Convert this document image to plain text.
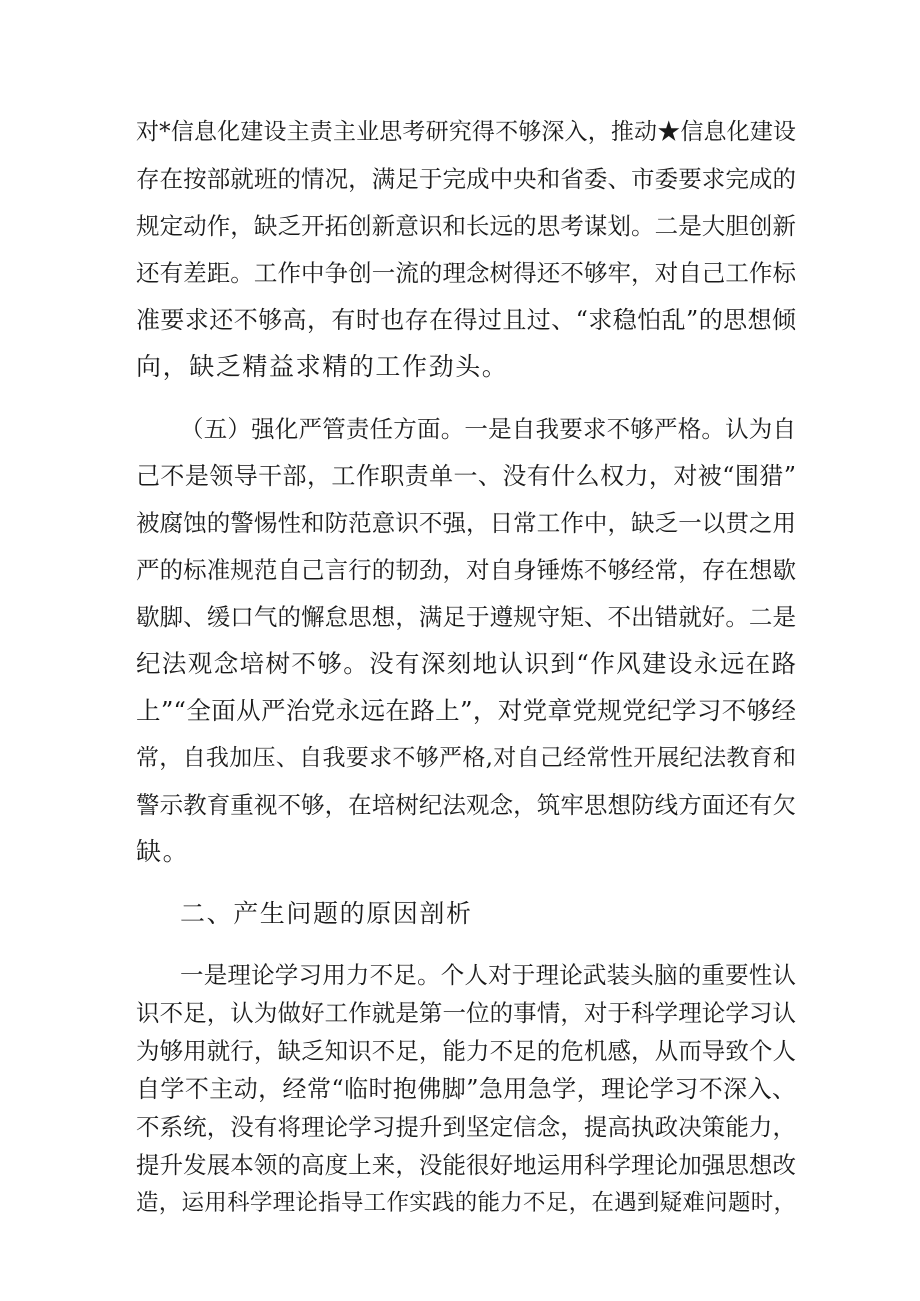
对*信息化建设主责主业思考研究得不够深入，推动★信息化建设
存在按部就班的情况，满足于完成中央和省委、市委要求完成的
规定动作，缺乏开拓创新意识和长远的思考谋划。二是大胆创新
还有差距。工作中争创一流的理念树得还不够牢，对自己工作标
准要求还不够高，有时也存在得过且过、“求稳怕乱”的思想倾
向，缺乏精益求精的工作劲头。
（五）强化严管责任方面。一是自我要求不够严格。认为自
己不是领导干部，工作职责单一、没有什么权力，对被“围猎”
被腐蚀的警惕性和防范意识不强，日常工作中，缺乏一以贯之用
严的标准规范自己言行的韧劲，对自身锤炼不够经常，存在想歇
歇脚、缓口气的懈怠思想，满足于遵规守矩、不出错就好。二是
纪法观念培树不够。没有深刻地认识到“作风建设永远在路
上”“全面从严治党永远在路上”，对党章党规党纪学习不够经
常，自我加压、自我要求不够严格,对自己经常性开展纪法教育和
警示教育重视不够，在培树纪法观念，筑牢思想防线方面还有欠
缺。
二、产生问题的原因剖析
一是理论学习用力不足。个人对于理论武装头脑的重要性认
识不足，认为做好工作就是第一位的事情，对于科学理论学习认
为够用就行，缺乏知识不足，能力不足的危机感，从而导致个人
自学不主动，经常“临时抱佛脚”急用急学，理论学习不深入、
不系统，没有将理论学习提升到坚定信念，提高执政决策能力，
提升发展本领的高度上来，没能很好地运用科学理论加强思想改
造，运用科学理论指导工作实践的能力不足，在遇到疑难问题时，
